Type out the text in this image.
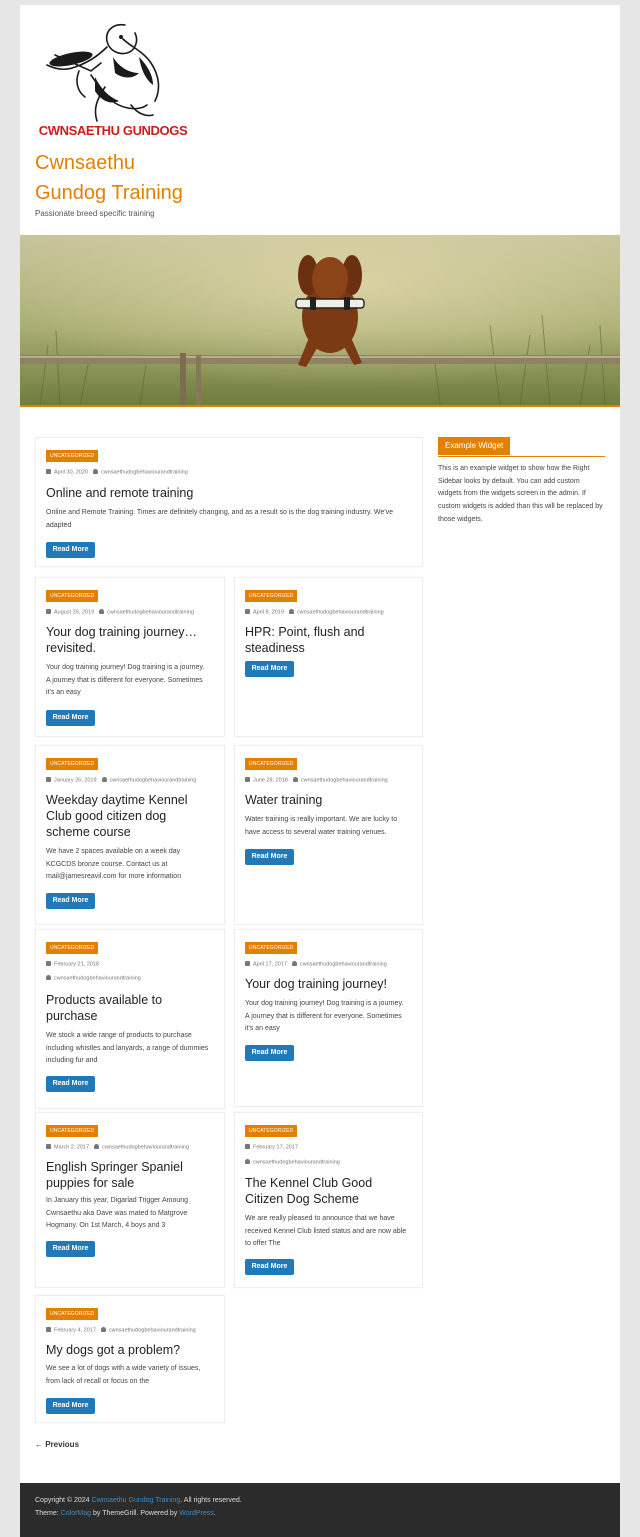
CWNSAETHU GUNDOGS
Cwnsaethu
Gundog Training
Passionate breed specific training
UNCATEGORIZED
April 30, 2020 cwnsaethudogbehaviourandtraining
Online and remote training
Online and Remote Training. Times are definitely changing, and as a result so is the dog training industry. We've adapted
Read More
UNCATEGORIZED
August 25, 2019 cwnsaethudogbehaviourandtraining
Your dog training journey… revisited.
Your dog training journey! Dog training is a journey. A journey that is different for everyone. Sometimes it's an easy
Read More
UNCATEGORIZED
April 8, 2019 cwnsaethudogbehaviourandtraining
HPR: Point, flush and steadiness
Read More
UNCATEGORIZED
January 26, 2019 cwnsaethudogbehaviourandtraining
Weekday daytime Kennel Club good citizen dog scheme course
We have 2 spaces available on a week day KCGCDS bronze course. Contact us at mail@jamesreavil.com for more information
Read More
UNCATEGORIZED
June 28, 2018 cwnsaethudogbehaviourandtraining
Water training
Water training is really important. We are lucky to have access to several water training venues.
Read More
UNCATEGORIZED
February 21, 2018
cwnsaethudogbehaviourandtraining
Products available to purchase
We stock a wide range of products to purchase including whistles and lanyards, a range of dummies including fur and
Read More
UNCATEGORIZED
April 17, 2017 cwnsaethudogbehaviourandtraining
Your dog training journey!
Your dog training journey! Dog training is a journey. A journey that is different for everyone. Sometimes it's an easy
Read More
UNCATEGORIZED
March 2, 2017 cwnsaethudogbehaviourandtraining
English Springer Spaniel puppies for sale
In January this year, Digarlad Trigger Amoung Cwnsaethu aka Dave was mated to Matgrove Hogmany. On 1st March, 4 boys and 3
Read More
UNCATEGORIZED
February 17, 2017
cwnsaethudogbehaviourandtraining
The Kennel Club Good Citizen Dog Scheme
We are really pleased to announce that we have received Kennel Club listed status and are now able to offer The
Read More
UNCATEGORIZED
February 4, 2017 cwnsaethudogbehaviourandtraining
My dogs got a problem?
We see a lot of dogs with a wide variety of issues, from lack of recall or focus on the
Read More
Example Widget
This is an example widget to show how the Right Sidebar looks by default. You can add custom widgets from the widgets screen in the admin. If custom widgets is added than this will be replaced by those widgets.
← Previous

Copyright © 2024 Cwnsaethu Gundog Training. All rights reserved.

Theme: ColorMag by ThemeGrill. Powered by WordPress.
